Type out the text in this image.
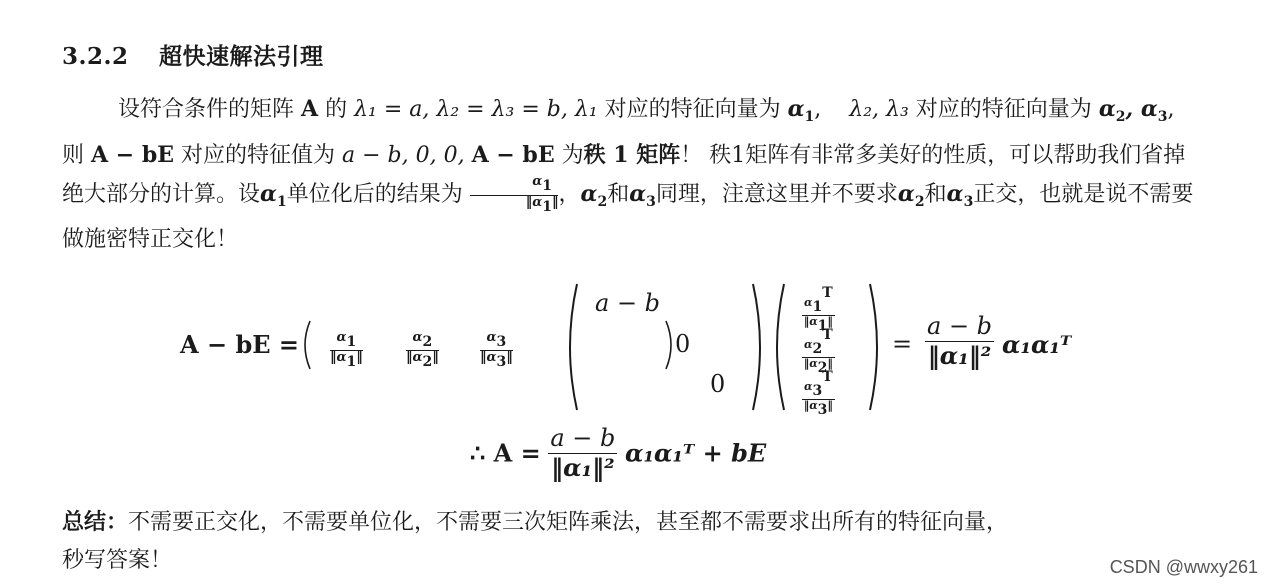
3.2.2 超快速解法引理
设符合条件的矩阵 A 的 λ₁ = a, λ₂ = λ₃ = b, λ₁ 对应的特征向量为 $\alpha_1$,    λ₂, λ₃ 对应的特征向量为 $\alpha_2$, $\alpha_3$, 则 A − bE 对应的特征值为 a − b, 0, 0, A − bE 为秩 1 矩阵！ 秩1矩阵有非常多美好的性质，可以帮助我们省掉绝大部分的计算。设$\alpha_1$单位化后的结果为 $\frac{\alpha 1}{‖\alpha 1‖}$ ，$\alpha_2$和$\alpha_3$同理，注意这里并不要求$\alpha_2$和$\alpha_3$正交，也就是说不需要做施密特正交化！
A − bE = $\frac{\alpha 1}{‖\alpha 1‖}$	$\frac{\alpha 2}{‖\alpha 2‖}$	$\frac{\alpha 3}{‖\alpha 3‖}$
a − b
0
0
$\frac{\alpha 1T}{‖\alpha 1‖}$
$\frac{\alpha 2T}{‖\alpha 2‖}$
$\frac{\alpha 3T}{‖\alpha 3‖}$
= $\frac{a - b}{\text{‖α₁‖²}}$ α₁α₁ᵀ
∴ $A = \frac{a - b}{\text{‖α₁‖²}}$ α₁α₁ᵀ + bE
总结：不需要正交化，不需要单位化，不需要三次矩阵乘法，甚至都不需要求出所有的特征向量，
秒写答案！	CSDN @wwxy261
